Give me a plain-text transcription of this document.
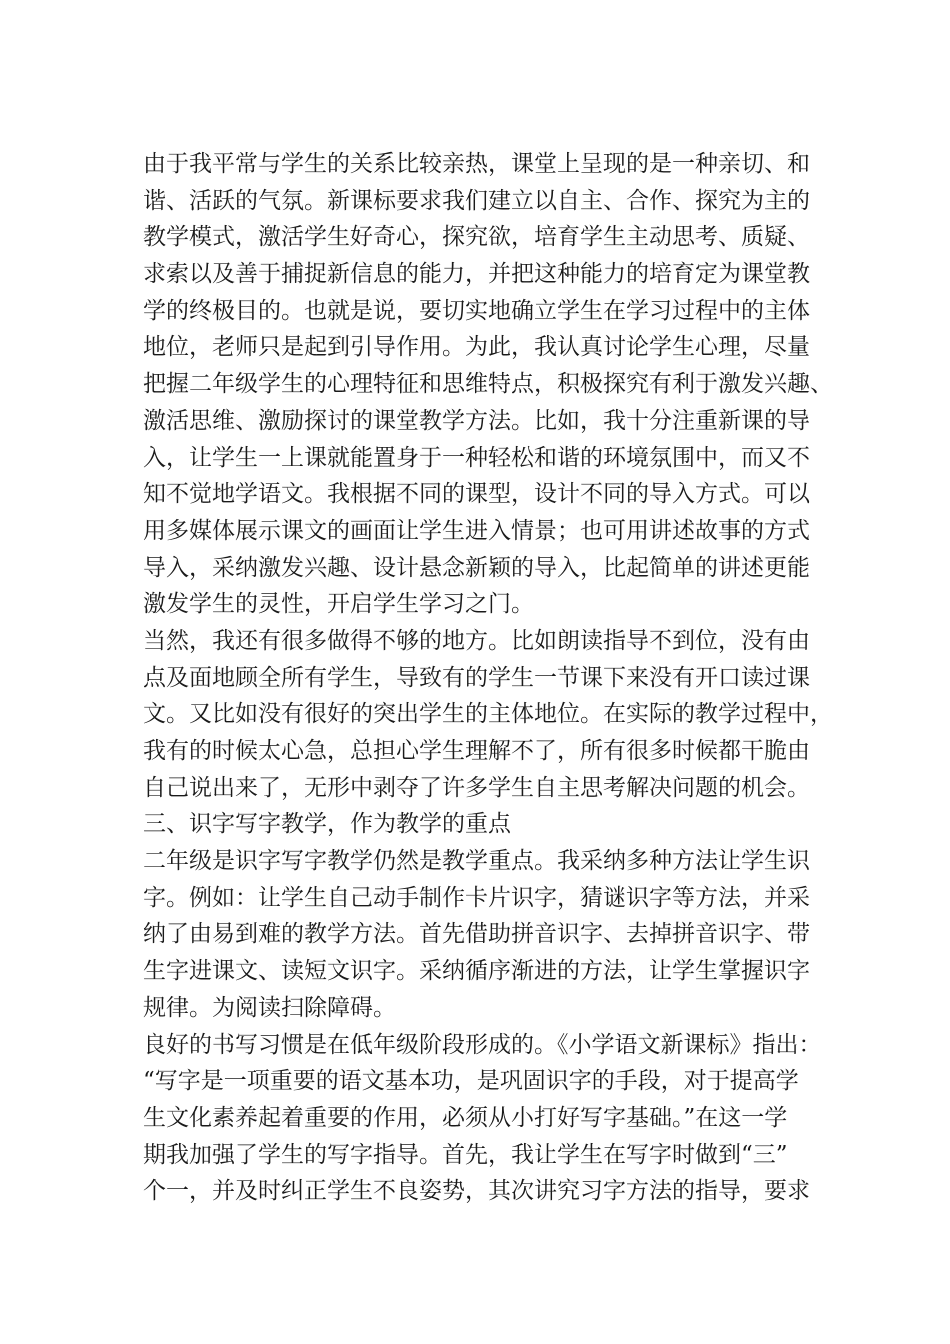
由于我平常与学生的关系比较亲热，课堂上呈现的是一种亲切、和
谐、活跃的气氛。新课标要求我们建立以自主、合作、探究为主的
教学模式，激活学生好奇心，探究欲，培育学生主动思考、质疑、
求索以及善于捕捉新信息的能力，并把这种能力的培育定为课堂教
学的终极目的。也就是说，要切实地确立学生在学习过程中的主体
地位，老师只是起到引导作用。为此，我认真讨论学生心理，尽量
把握二年级学生的心理特征和思维特点，积极探究有利于激发兴趣、
激活思维、激励探讨的课堂教学方法。比如，我十分注重新课的导
入，让学生一上课就能置身于一种轻松和谐的环境氛围中，而又不
知不觉地学语文。我根据不同的课型，设计不同的导入方式。可以
用多媒体展示课文的画面让学生进入情景；也可用讲述故事的方式
导入，采纳激发兴趣、设计悬念新颖的导入，比起简单的讲述更能
激发学生的灵性，开启学生学习之门。
当然，我还有很多做得不够的地方。比如朗读指导不到位，没有由
点及面地顾全所有学生，导致有的学生一节课下来没有开口读过课
文。又比如没有很好的突出学生的主体地位。在实际的教学过程中，
我有的时候太心急，总担心学生理解不了，所有很多时候都干脆由
自己说出来了，无形中剥夺了许多学生自主思考解决问题的机会。
三、识字写字教学，作为教学的重点
二年级是识字写字教学仍然是教学重点。我采纳多种方法让学生识
字。例如：让学生自己动手制作卡片识字，猜谜识字等方法，并采
纳了由易到难的教学方法。首先借助拼音识字、去掉拼音识字、带
生字进课文、读短文识字。采纳循序渐进的方法，让学生掌握识字
规律。为阅读扫除障碍。
良好的书写习惯是在低年级阶段形成的。《小学语文新课标》指出：
“写字是一项重要的语文基本功，是巩固识字的手段，对于提高学
生文化素养起着重要的作用，必须从小打好写字基础。”在这一学
期我加强了学生的写字指导。首先，我让学生在写字时做到“三”
个一，并及时纠正学生不良姿势，其次讲究习字方法的指导，要求
